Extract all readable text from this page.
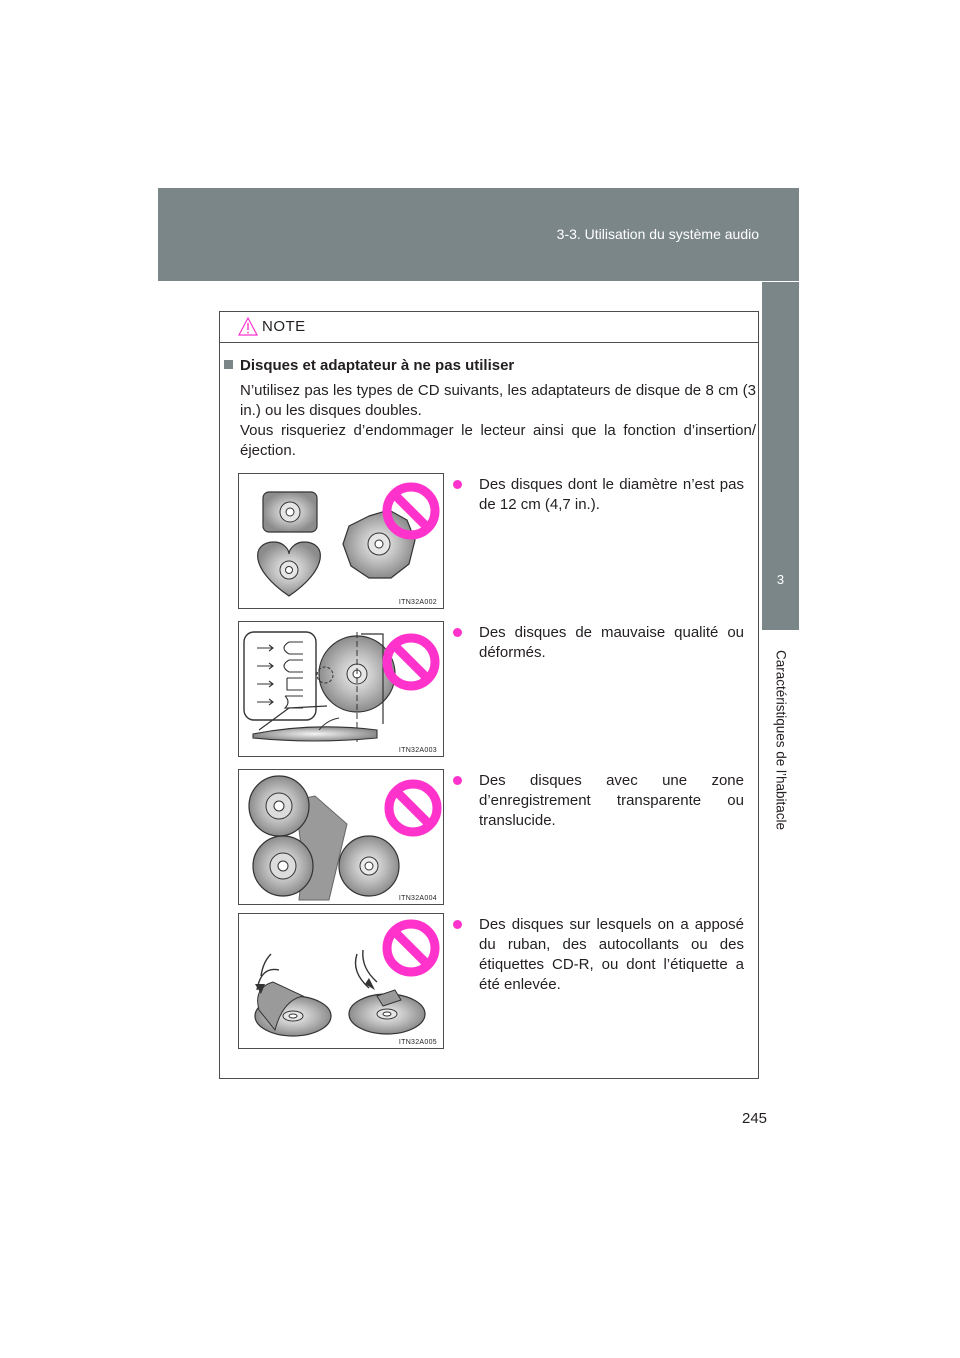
3-3. Utilisation du système audio
3
Caractéristiques de l’habitacle
NOTE
Disques et adaptateur à ne pas utiliser

N’utilisez pas les types de CD suivants, les adaptateurs de disque de 8 cm (3 in.) ou les disques doubles.

Vous risqueriez d’endommager le lecteur ainsi que la fonction d’insertion/ éjection.

ITN32A002
Des disques dont le diamètre n’est pas de 12 cm (4,7 in.).
ITN32A003
Des disques de mauvaise qualité ou déformés.
ITN32A004
Des disques avec une zone d’enregistrement transparente ou translucide.
ITN32A005
Des disques sur lesquels on a apposé du ruban, des autocollants ou des étiquettes CD-R, ou dont l’étiquette a été enlevée.
245
